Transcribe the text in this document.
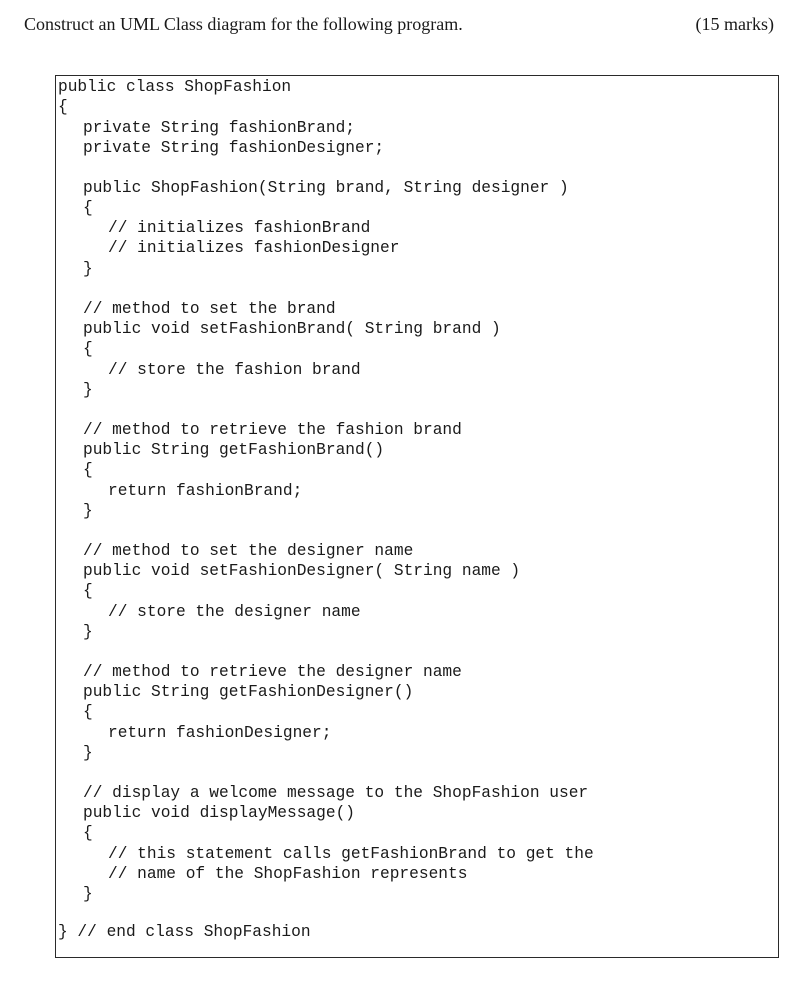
Construct an UML Class diagram for the following program.	(15 marks)
public class ShopFashion
{
private String fashionBrand;
private String fashionDesigner;
public ShopFashion(String brand, String designer )
{
// initializes fashionBrand
// initializes fashionDesigner
}
// method to set the brand
public void setFashionBrand( String brand )
{
// store the fashion brand
}
// method to retrieve the fashion brand
public String getFashionBrand()
{
return fashionBrand;
}
// method to set the designer name
public void setFashionDesigner( String name )
{
// store the designer name
}
// method to retrieve the designer name
public String getFashionDesigner()
{
return fashionDesigner;
}
// display a welcome message to the ShopFashion user
public void displayMessage()
{
// this statement calls getFashionBrand to get the
// name of the ShopFashion represents
}
} // end class ShopFashion
